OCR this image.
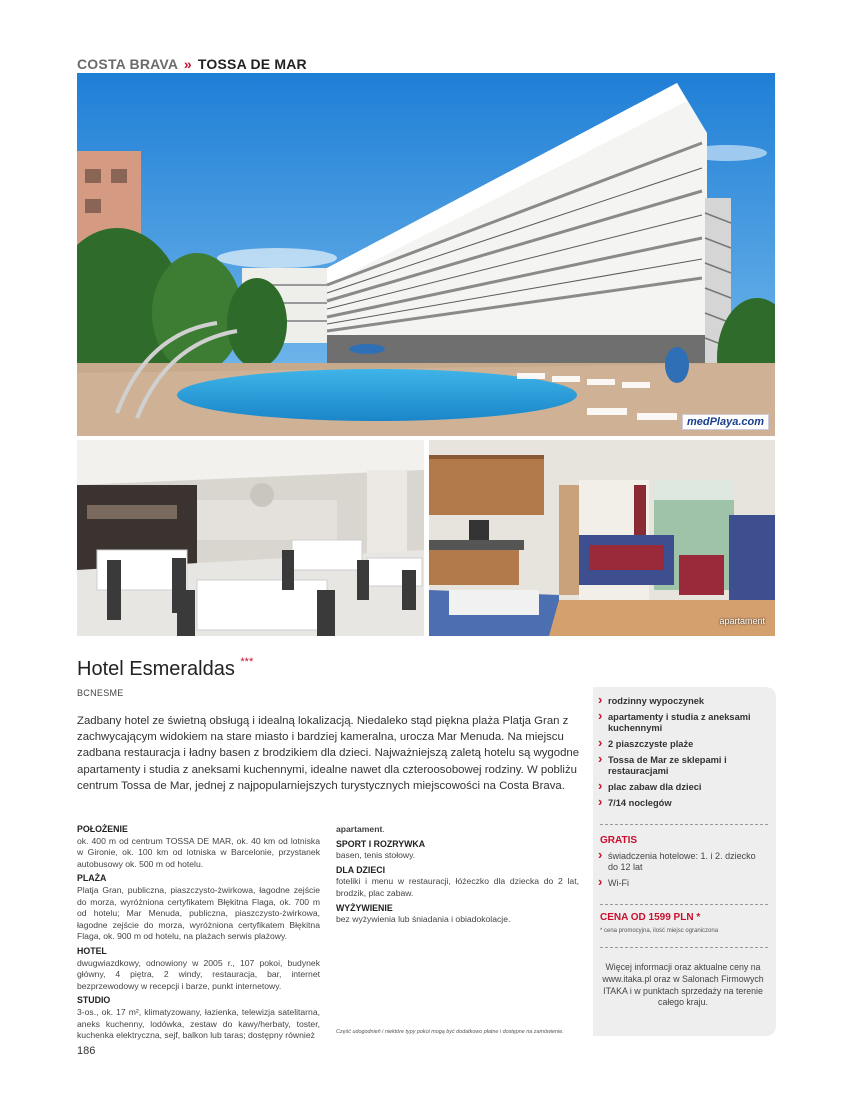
COSTA BRAVA » TOSSA DE MAR
medPlaya.com
apartament
Hotel Esmeraldas ***
BCNESME

Zadbany hotel ze świetną obsługą i idealną lokalizacją. Niedaleko stąd piękna plaża Platja Gran z zachwycającym widokiem na stare miasto i bardziej kameralna, urocza Mar Menuda. Na miejscu zadbana restauracja i ładny basen z brodzikiem dla dzieci. Najważniejszą zaletą hotelu są wygodne apartamenty i studia z aneksami kuchennymi, idealne nawet dla czteroosobowej rodziny. W pobliżu centrum Tossa de Mar, jednej z najpopularniejszych turystycznych miejscowości na Costa Brava.

POŁOŻENIE

ok. 400 m od centrum TOSSA DE MAR, ok. 40 km od lotniska w Gironie, ok. 100 km od lotniska w Barcelonie, przystanek autobusowy ok. 500 m od hotelu.

PLAŻA

Platja Gran, publiczna, piaszczysto-żwirkowa, łagodne zejście do morza, wyróżniona certyfikatem Błękitna Flaga, ok. 700 m od hotelu; Mar Menuda, publiczna, piaszczysto-żwirkowa, łagodne zejście do morza, wyróżniona certyfikatem Błękitna Flaga, ok. 900 m od hotelu, na plażach serwis plażowy.

HOTEL

dwugwiazdkowy, odnowiony w 2005 r., 107 pokoi, budynek główny, 4 piętra, 2 windy, restauracja, bar, internet bezprzewodowy w recepcji i barze, punkt internetowy.

STUDIO

3-os., ok. 17 m², klimatyzowany, łazienka, telewizja satelitarna, aneks kuchenny, lodówka, zestaw do kawy/herbaty, toster, kuchenka elektryczna, sejf, balkon lub taras; dostępny również

apartament.

SPORT I ROZRYWKA

basen, tenis stołowy.

DLA DZIECI

foteliki i menu w restauracji, łóżeczko dla dziecka do 2 lat, brodzik, plac zabaw.

WYŻYWIENIE

bez wyżywienia lub śniadania i obiadokolacje.

Część udogodnień i niektóre typy pokoi mogą być dodatkowo płatne i dostępne na zamówienie.
186
› rodzinny wypoczynek
› apartamenty i studia z aneksami kuchennymi
› 2 piaszczyste plaże
› Tossa de Mar ze sklepami i restauracjami
› plac zabaw dla dzieci
› 7/14 noclegów
GRATIS
› świadczenia hotelowe: 1. i 2. dziecko do 12 lat
› Wi-Fi
CENA OD 1599 PLN *
* cena promocyjna, ilość miejsc ograniczona

Więcej informacji oraz aktualne ceny na www.itaka.pl oraz w Salonach Firmowych ITAKA i w punktach sprzedaży na terenie całego kraju.
